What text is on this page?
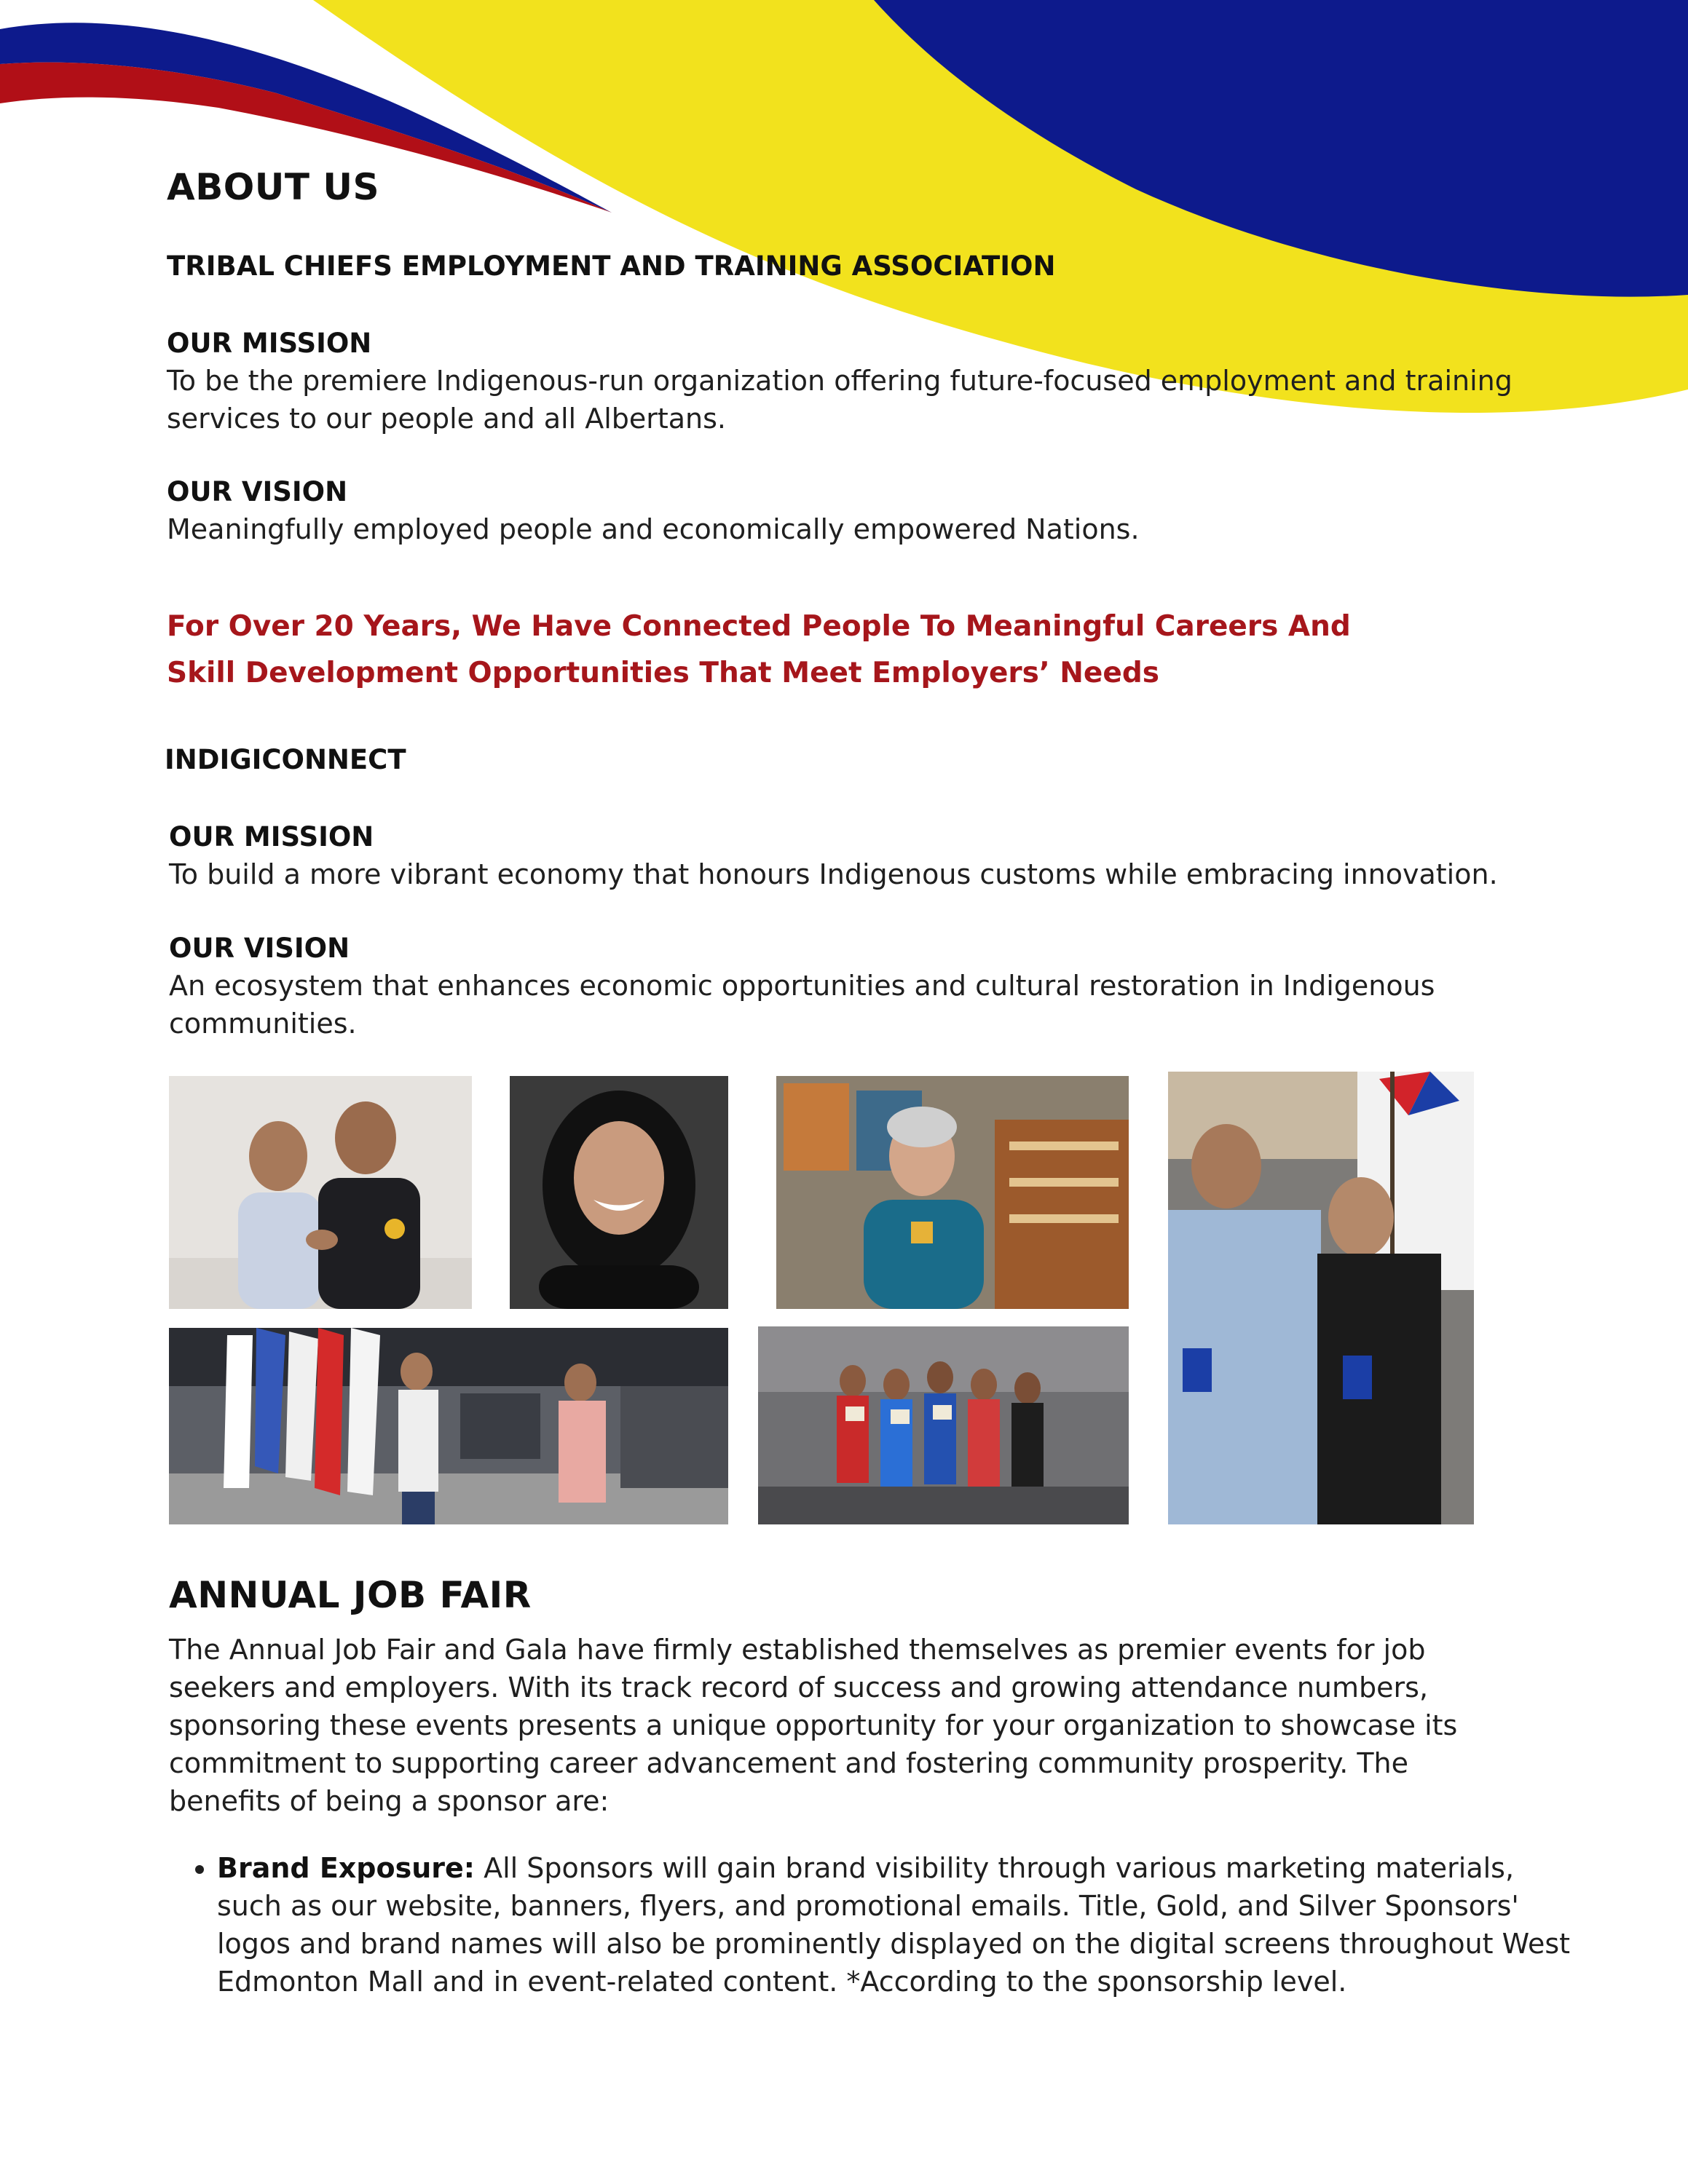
ABOUT US
TRIBAL CHIEFS EMPLOYMENT AND TRAINING ASSOCIATION
OUR MISSION

To be the premiere Indigenous-run organization offering future-focused employment and training services to our people and all Albertans.

OUR VISION

Meaningfully employed people and economically empowered Nations.

For Over 20 Years, We Have Connected People To Meaningful Careers And Skill Development Opportunities That Meet Employers’ Needs

INDIGICONNECT
OUR MISSION

To build a more vibrant economy that honours Indigenous customs while embracing innovation.

OUR VISION

An ecosystem that enhances economic opportunities and cultural restoration in Indigenous communities.

ANNUAL JOB FAIR

The Annual Job Fair and Gala have firmly established themselves as premier events for job seekers and employers. With its track record of success and growing attendance numbers, sponsoring these events presents a unique opportunity for your organization to showcase its commitment to supporting career advancement and fostering community prosperity. The benefits of being a sponsor are:

• Brand Exposure: All Sponsors will gain brand visibility through various marketing materials, such as our website, banners, flyers, and promotional emails. Title, Gold, and Silver Sponsors' logos and brand names will also be prominently displayed on the digital screens throughout West Edmonton Mall and in event-related content. *According to the sponsorship level.
